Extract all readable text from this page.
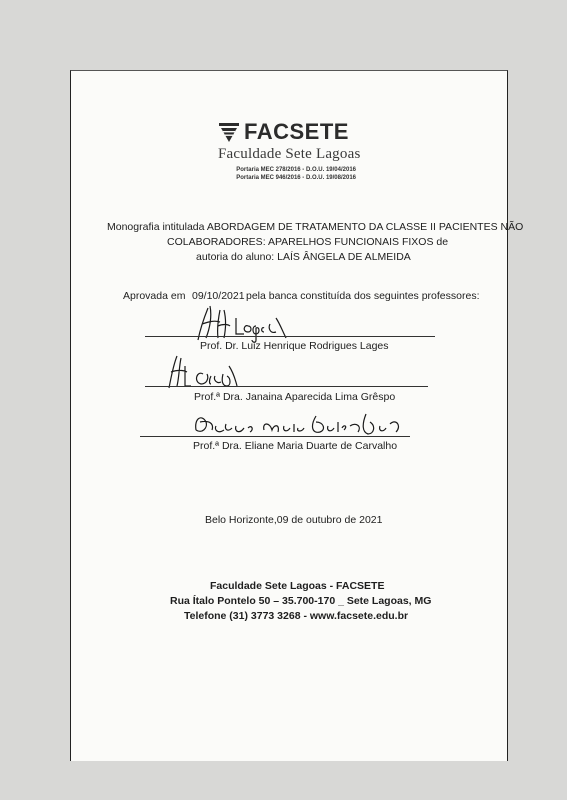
FACSETE
Faculdade Sete Lagoas
Portaria MEC 278/2016 - D.O.U. 19/04/2016
Portaria MEC 946/2016 - D.O.U. 19/08/2016
Monografia intitulada ABORDAGEM DE TRATAMENTO DA CLASSE II PACIENTES NÃO
COLABORADORES: APARELHOS FUNCIONAIS FIXOS de
autoria do aluno: LAÍS ÂNGELA DE ALMEIDA
Aprovada em 09/10/2021 pela banca constituída dos seguintes professores:
Prof. Dr. Luiz Henrique Rodrigues Lages
Prof.ª Dra. Janaina Aparecida Lima Grêspo
Prof.ª Dra. Eliane Maria Duarte de Carvalho
Belo Horizonte,09 de outubro de 2021
Faculdade Sete Lagoas - FACSETE
Rua Ítalo Pontelo 50 – 35.700-170 _ Sete Lagoas, MG
Telefone (31) 3773 3268 - www.facsete.edu.br
